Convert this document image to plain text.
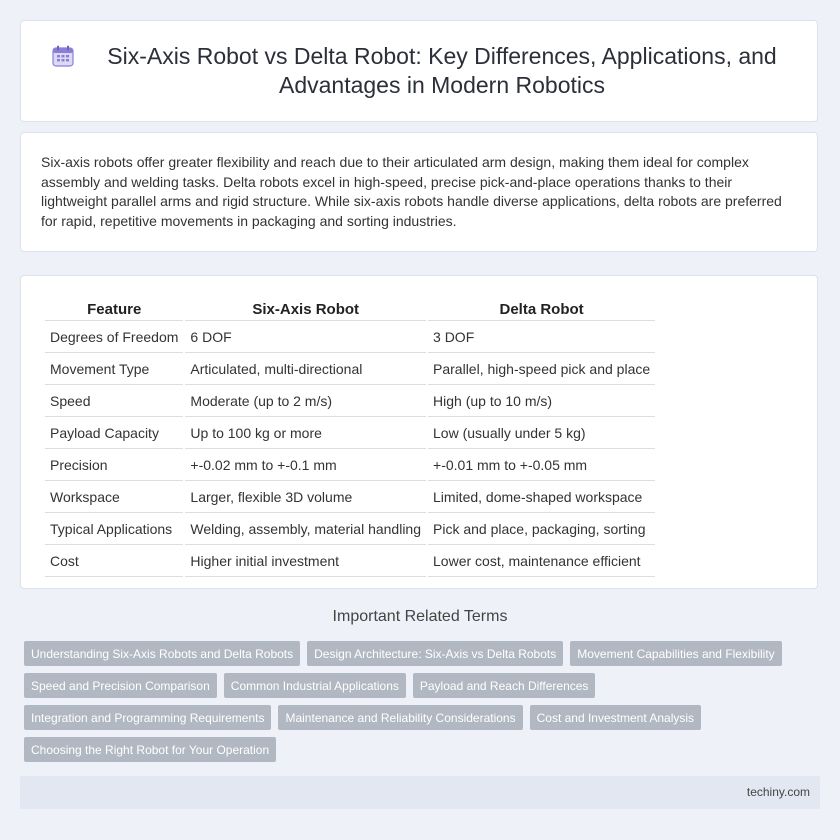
Six-Axis Robot vs Delta Robot: Key Differences, Applications, and Advantages in Modern Robotics

Six-axis robots offer greater flexibility and reach due to their articulated arm design, making them ideal for complex assembly and welding tasks. Delta robots excel in high-speed, precise pick-and-place operations thanks to their lightweight parallel arms and rigid structure. While six-axis robots handle diverse applications, delta robots are preferred for rapid, repetitive movements in packaging and sorting industries.

Feature	Six-Axis Robot	Delta Robot
Degrees of Freedom	6 DOF	3 DOF
Movement Type	Articulated, multi-directional	Parallel, high-speed pick and place
Speed	Moderate (up to 2 m/s)	High (up to 10 m/s)
Payload Capacity	Up to 100 kg or more	Low (usually under 5 kg)
Precision	+-0.02 mm to +-0.1 mm	+-0.01 mm to +-0.05 mm
Workspace	Larger, flexible 3D volume	Limited, dome-shaped workspace
Typical Applications	Welding, assembly, material handling	Pick and place, packaging, sorting
Cost	Higher initial investment	Lower cost, maintenance efficient
Important Related Terms
Understanding Six-Axis Robots and Delta Robots	Design Architecture: Six-Axis vs Delta Robots	Movement Capabilities and Flexibility
Speed and Precision Comparison	Common Industrial Applications	Payload and Reach Differences
Integration and Programming Requirements	Maintenance and Reliability Considerations	Cost and Investment Analysis
Choosing the Right Robot for Your Operation
techiny.com
